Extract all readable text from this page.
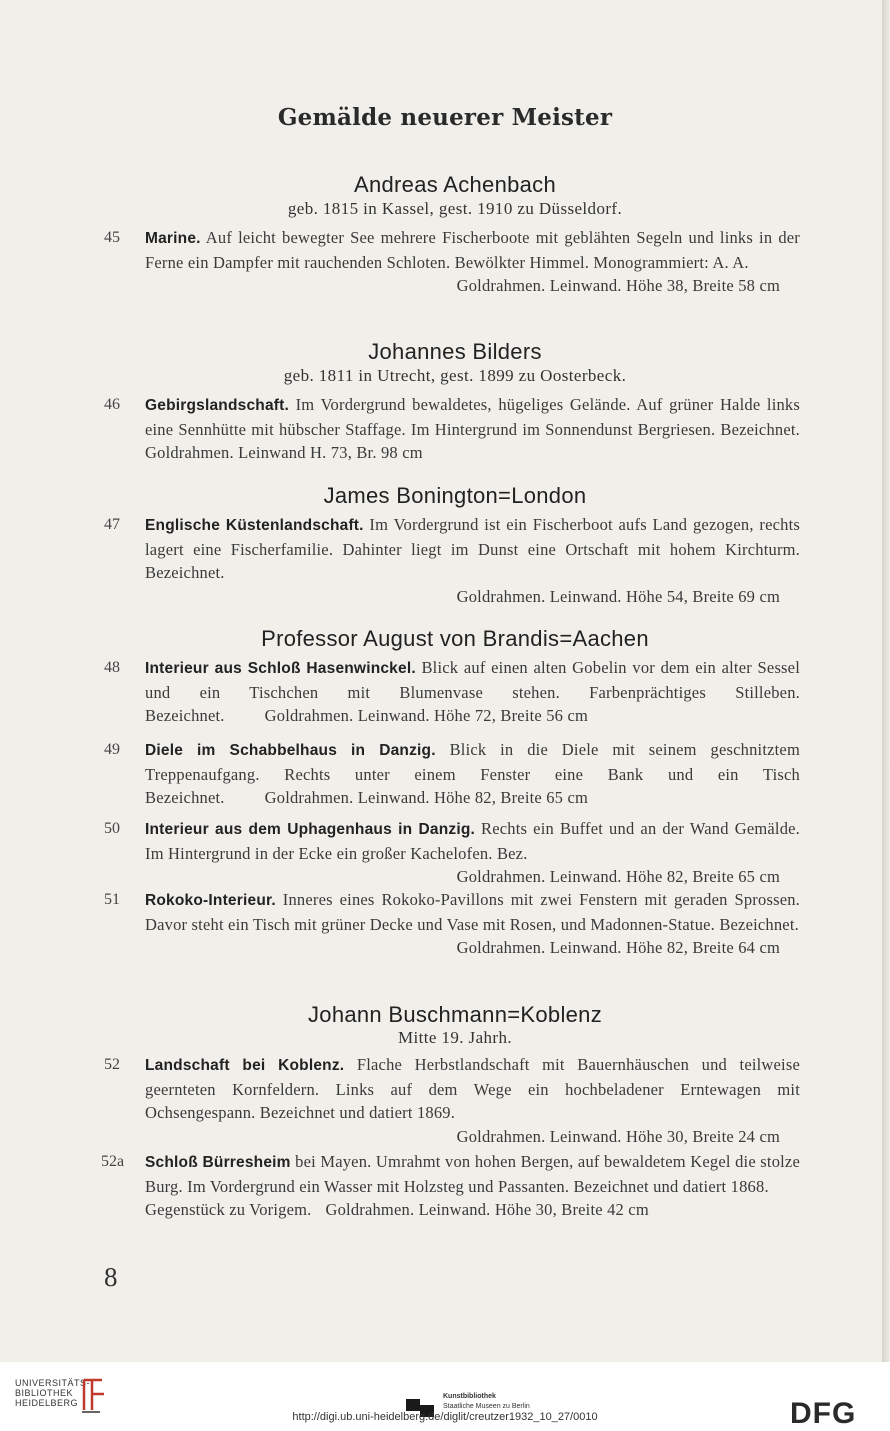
Gemälde neuerer Meister
Andreas Achenbach
geb. 1815 in Kassel, gest. 1910 zu Düsseldorf.
45 Marine. Auf leicht bewegter See mehrere Fischerboote mit geblähten Segeln und links in der Ferne ein Dampfer mit rauchenden Schloten. Bewölkter Himmel. Monogrammiert: A. A.
Goldrahmen. Leinwand. Höhe 38, Breite 58 cm
Johannes Bilders
geb. 1811 in Utrecht, gest. 1899 zu Oosterbeck.
46 Gebirgslandschaft. Im Vordergrund bewaldetes, hügeliges Gelände. Auf grüner Halde links eine Sennhütte mit hübscher Staffage. Im Hintergrund im Sonnendunst Bergriesen. Bezeichnet. Goldrahmen. Leinwand H. 73, Br. 98 cm
James Bonington=London
47 Englische Küstenlandschaft. Im Vordergrund ist ein Fischerboot aufs Land gezogen, rechts lagert eine Fischerfamilie. Dahinter liegt im Dunst eine Ortschaft mit hohem Kirchturm. Bezeichnet.
Goldrahmen. Leinwand. Höhe 54, Breite 69 cm
Professor August von Brandis=Aachen
48 Interieur aus Schloß Hasenwinckel. Blick auf einen alten Gobelin vor dem ein alter Sessel und ein Tischchen mit Blumenvase stehen. Farbenprächtiges Stilleben. Bezeichnet. Goldrahmen. Leinwand. Höhe 72, Breite 56 cm
49 Diele im Schabbelhaus in Danzig. Blick in die Diele mit seinem geschnitztem Treppenaufgang. Rechts unter einem Fenster eine Bank und ein Tisch Bezeichnet. Goldrahmen. Leinwand. Höhe 82, Breite 65 cm
50 Interieur aus dem Uphagenhaus in Danzig. Rechts ein Buffet und an der Wand Gemälde. Im Hintergrund in der Ecke ein großer Kachelofen. Bez.
Goldrahmen. Leinwand. Höhe 82, Breite 65 cm
51 Rokoko-Interieur. Inneres eines Rokoko-Pavillons mit zwei Fenstern mit geraden Sprossen. Davor steht ein Tisch mit grüner Decke und Vase mit Rosen, und Madonnen-Statue. Bezeichnet.
Goldrahmen. Leinwand. Höhe 82, Breite 64 cm
Johann Buschmann=Koblenz
Mitte 19. Jahrh.
52 Landschaft bei Koblenz. Flache Herbstlandschaft mit Bauernhäuschen und teilweise geernteten Kornfeldern. Links auf dem Wege ein hochbeladener Erntewagen mit Ochsengespann. Bezeichnet und datiert 1869.
Goldrahmen. Leinwand. Höhe 30, Breite 24 cm
52a Schloß Bürresheim bei Mayen. Umrahmt von hohen Bergen, auf bewaldetem Kegel die stolze Burg. Im Vordergrund ein Wasser mit Holzsteg und Passanten. Bezeichnet und datiert 1868.
Gegenstück zu Vorigem. Goldrahmen. Leinwand. Höhe 30, Breite 42 cm
8
UNIVERSITÄTS-
BIBLIOTHEK
HEIDELBERG
Kunstbibliothek
Staatliche Museen zu Berlin	DFG
http://digi.ub.uni-heidelberg.de/diglit/creutzer1932_10_27/0010
